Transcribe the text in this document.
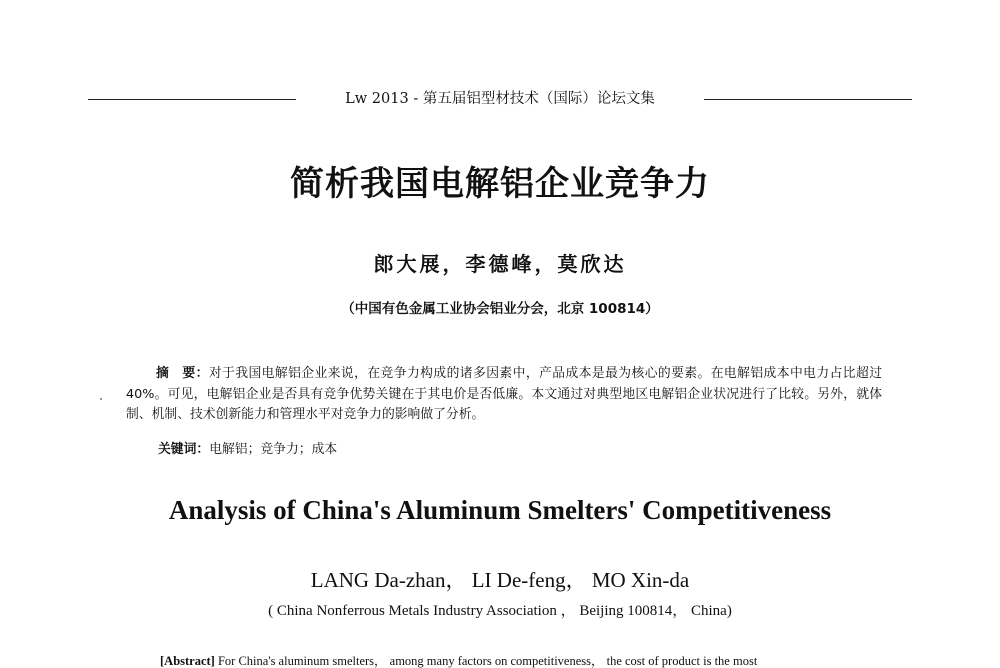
Lw 2013 - 第五届铝型材技术（国际）论坛文集
简析我国电解铝企业竞争力
郎大展，李德峰，莫欣达
（中国有色金属工业协会铝业分会，北京 100814）
摘　要：对于我国电解铝企业来说，在竞争力构成的诸多因素中，产品成本是最为核心的要素。在电解铝成本中电力占比超过40%。可见，电解铝企业是否具有竞争优势关键在于其电价是否低廉。本文通过对典型地区电解铝企业状况进行了比较。另外，就体制、机制、技术创新能力和管理水平对竞争力的影响做了分析。
关键词：电解铝；竞争力；成本
Analysis of China's Aluminum Smelters' Competitiveness
LANG Da-zhan， LI De-feng， MO Xin-da
( China Nonferrous Metals Industry Association ， Beijing 100814， China)
[Abstract] For China's aluminum smelters， among many factors on competitiveness， the cost of product is the most
